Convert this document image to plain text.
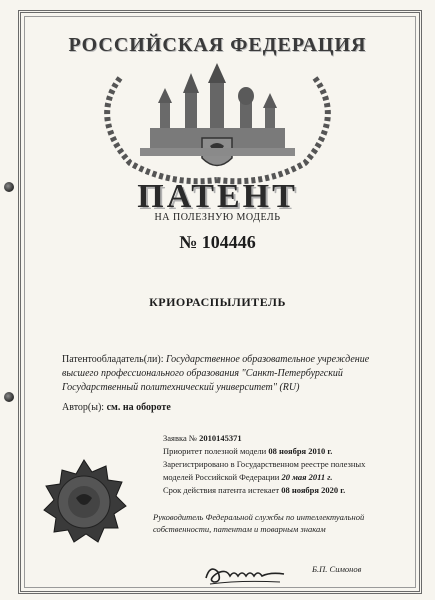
РОССИЙСКАЯ ФЕДЕРАЦИЯ
ПАТЕНТ
НА ПОЛЕЗНУЮ МОДЕЛЬ
№ 104446
КРИОРАСПЫЛИТЕЛЬ
Патентообладатель(ли): Государственное образовательное учреждение высшего профессионального образования "Санкт-Петербургский Государственный политехнический университет" (RU)
Автор(ы): см. на обороте
Заявка № 2010145371
Приоритет полезной модели 08 ноября 2010 г.
Зарегистрировано в Государственном реестре полезных
моделей Российской Федерации 20 мая 2011 г.
Срок действия патента истекает 08 ноября 2020 г.
Руководитель Федеральной службы по интеллектуальной собственности, патентам и товарным знакам
Б.П. Симонов
